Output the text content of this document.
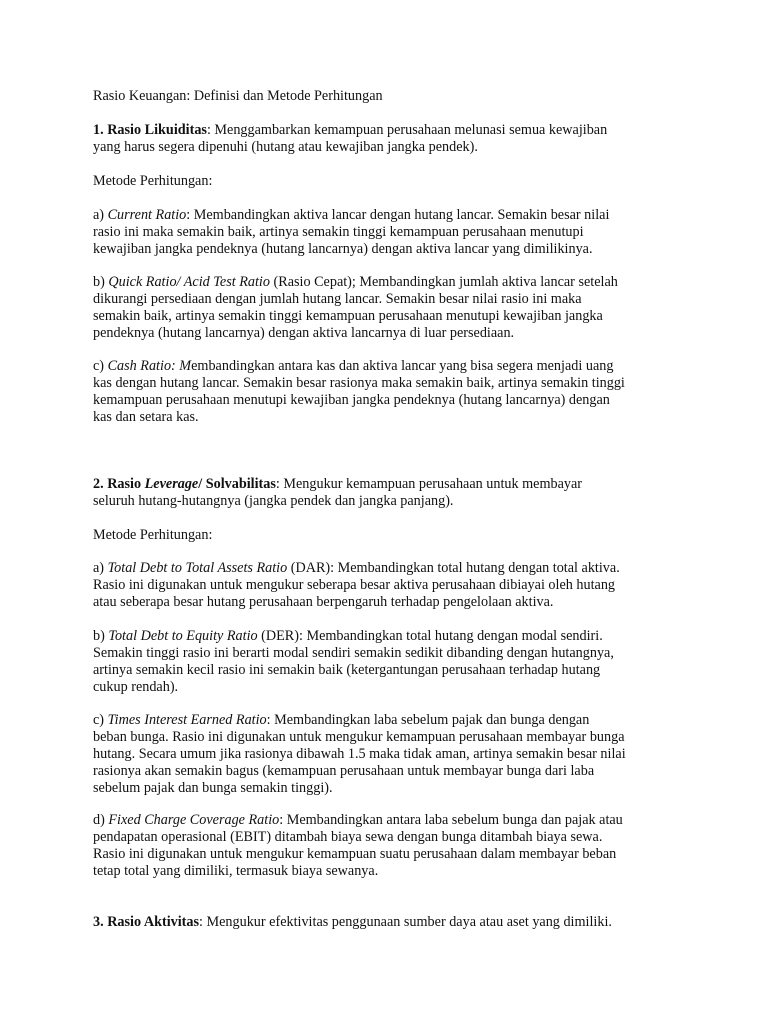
Rasio Keuangan: Definisi dan Metode Perhitungan

1. Rasio Likuiditas: Menggambarkan kemampuan perusahaan melunasi semua kewajiban
yang harus segera dipenuhi (hutang atau kewajiban jangka pendek).

Metode Perhitungan:

a) Current Ratio: Membandingkan aktiva lancar dengan hutang lancar. Semakin besar nilai
rasio ini maka semakin baik, artinya semakin tinggi kemampuan perusahaan menutupi
kewajiban jangka pendeknya (hutang lancarnya) dengan aktiva lancar yang dimilikinya.

b) Quick Ratio/ Acid Test Ratio (Rasio Cepat); Membandingkan jumlah aktiva lancar setelah
dikurangi persediaan dengan jumlah hutang lancar. Semakin besar nilai rasio ini maka
semakin baik, artinya semakin tinggi kemampuan perusahaan menutupi kewajiban jangka
pendeknya (hutang lancarnya) dengan aktiva lancarnya di luar persediaan.

c) Cash Ratio: Membandingkan antara kas dan aktiva lancar yang bisa segera menjadi uang
kas dengan hutang lancar. Semakin besar rasionya maka semakin baik, artinya semakin tinggi
kemampuan perusahaan menutupi kewajiban jangka pendeknya (hutang lancarnya) dengan
kas dan setara kas.

2. Rasio Leverage/ Solvabilitas: Mengukur kemampuan perusahaan untuk membayar
seluruh hutang-hutangnya (jangka pendek dan jangka panjang).

Metode Perhitungan:

a) Total Debt to Total Assets Ratio (DAR): Membandingkan total hutang dengan total aktiva.
Rasio ini digunakan untuk mengukur seberapa besar aktiva perusahaan dibiayai oleh hutang
atau seberapa besar hutang perusahaan berpengaruh terhadap pengelolaan aktiva.

b) Total Debt to Equity Ratio (DER): Membandingkan total hutang dengan modal sendiri.
Semakin tinggi rasio ini berarti modal sendiri semakin sedikit dibanding dengan hutangnya,
artinya semakin kecil rasio ini semakin baik (ketergantungan perusahaan terhadap hutang
cukup rendah).

c) Times Interest Earned Ratio: Membandingkan laba sebelum pajak dan bunga dengan
beban bunga. Rasio ini digunakan untuk mengukur kemampuan perusahaan membayar bunga
hutang. Secara umum jika rasionya dibawah 1.5 maka tidak aman, artinya semakin besar nilai
rasionya akan semakin bagus (kemampuan perusahaan untuk membayar bunga dari laba
sebelum pajak dan bunga semakin tinggi).

d) Fixed Charge Coverage Ratio: Membandingkan antara laba sebelum bunga dan pajak atau
pendapatan operasional (EBIT) ditambah biaya sewa dengan bunga ditambah biaya sewa.
Rasio ini digunakan untuk mengukur kemampuan suatu perusahaan dalam membayar beban
tetap total yang dimiliki, termasuk biaya sewanya.

3. Rasio Aktivitas: Mengukur efektivitas penggunaan sumber daya atau aset yang dimiliki.
